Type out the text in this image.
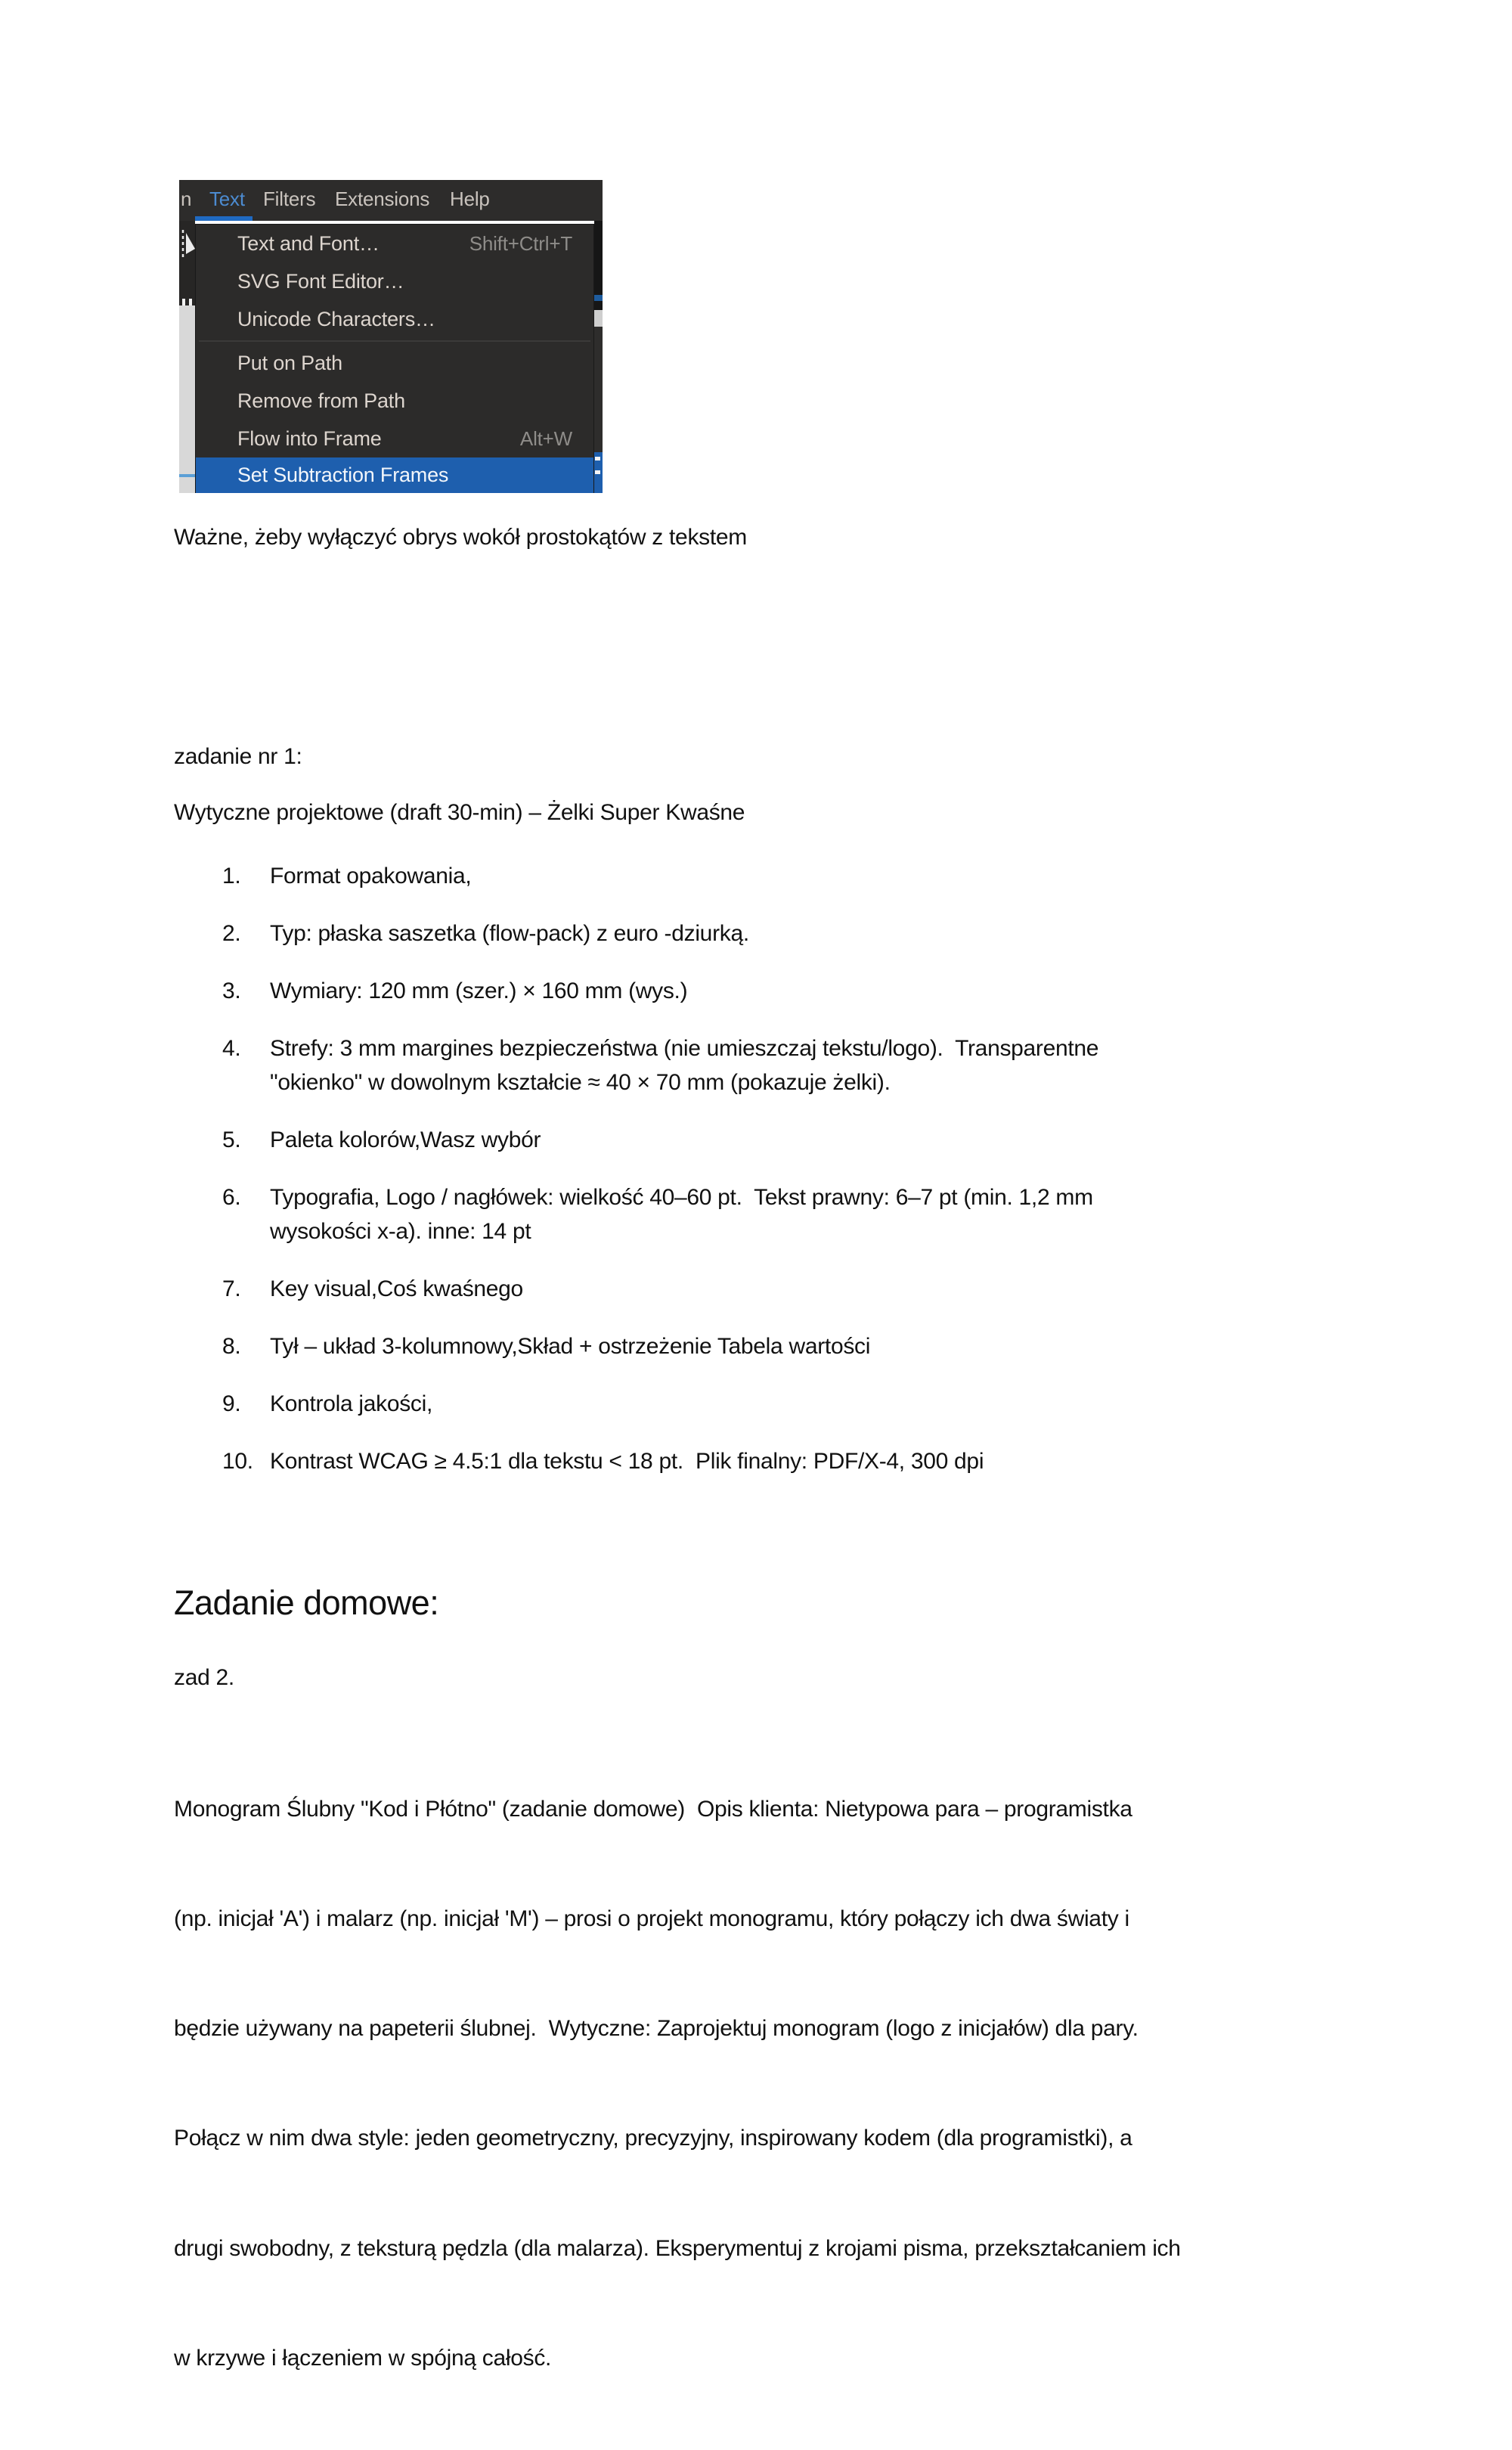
n Text Filters Extensions Help
Text and Font…	Shift+Ctrl+T
SVG Font Editor…
Unicode Characters…
Put on Path
Remove from Path
Flow into Frame	Alt+W
Set Subtraction Frames
Ważne, żeby wyłączyć obrys wokół prostokątów z tekstem
zadanie nr 1:
Wytyczne projektowe (draft 30-min) – Żelki Super Kwaśne
1.	Format opakowania,
2.	Typ: płaska saszetka (flow-pack) z euro -dziurką.
3.	Wymiary: 120 mm (szer.) × 160 mm (wys.)
4.	Strefy: 3 mm margines bezpieczeństwa (nie umieszczaj tekstu/logo).  Transparentne
"okienko" w dowolnym kształcie ≈ 40 × 70 mm (pokazuje żelki).
5.	Paleta kolorów,Wasz wybór
6.	Typografia, Logo / nagłówek: wielkość 40–60 pt.  Tekst prawny: 6–7 pt (min. 1,2 mm
wysokości x-a). inne: 14 pt
7.	Key visual,Coś kwaśnego
8.	Tył – układ 3-kolumnowy,Skład + ostrzeżenie Tabela wartości
9.	Kontrola jakości,
10. Kontrast WCAG ≥ 4.5:1 dla tekstu < 18 pt.  Plik finalny: PDF/X-4, 300 dpi
Zadanie domowe:
zad 2.

Monogram Ślubny "Kod i Płótno" (zadanie domowe)  Opis klienta: Nietypowa para – programistka

(np. inicjał 'A') i malarz (np. inicjał 'M') – prosi o projekt monogramu, który połączy ich dwa światy i

będzie używany na papeterii ślubnej.  Wytyczne: Zaprojektuj monogram (logo z inicjałów) dla pary.

Połącz w nim dwa style: jeden geometryczny, precyzyjny, inspirowany kodem (dla programistki), a

drugi swobodny, z teksturą pędzla (dla malarza). Eksperymentuj z krojami pisma, przekształcaniem ich

w krzywe i łączeniem w spójną całość.
